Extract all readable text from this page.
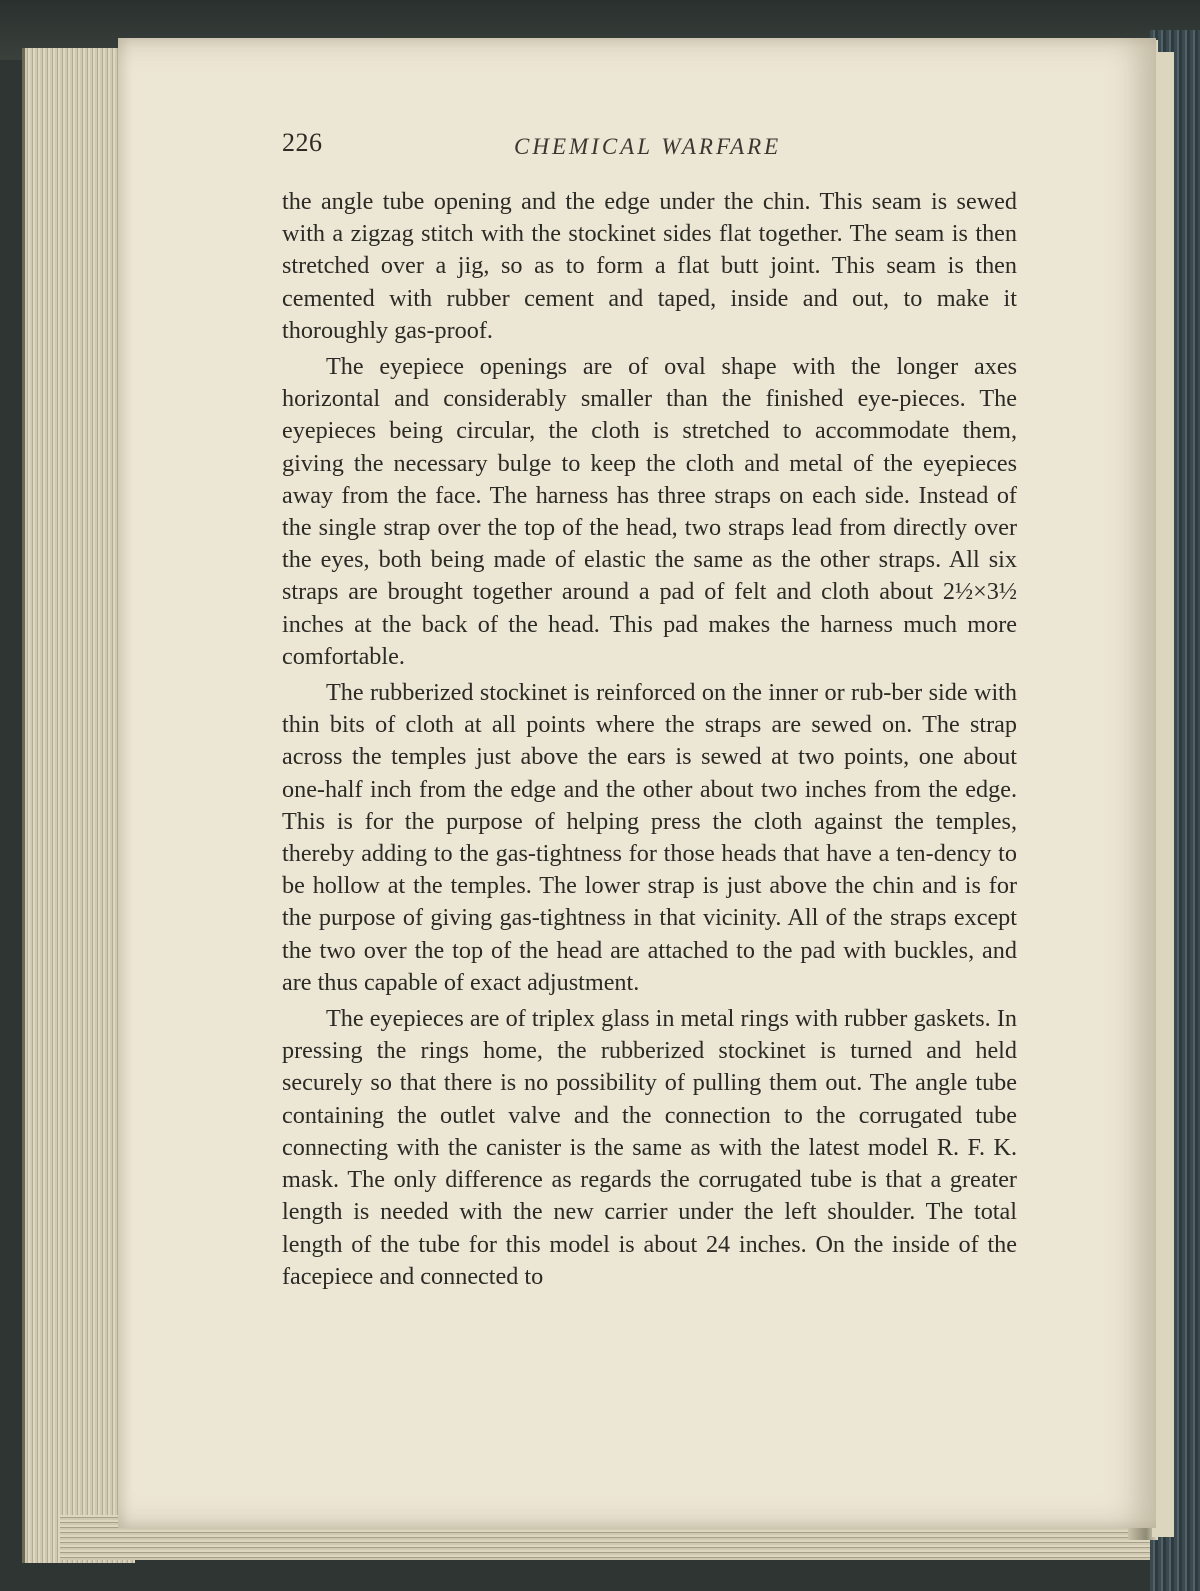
226	CHEMICAL WARFARE

the angle tube opening and the edge under the chin. This seam is sewed with a zigzag stitch with the stockinet sides flat together. The seam is then stretched over a jig, so as to form a flat butt joint. This seam is then cemented with rubber cement and taped, inside and out, to make it thoroughly gas-proof.

The eyepiece openings are of oval shape with the longer axes horizontal and considerably smaller than the finished eye-pieces. The eyepieces being circular, the cloth is stretched to accommodate them, giving the necessary bulge to keep the cloth and metal of the eyepieces away from the face. The harness has three straps on each side. Instead of the single strap over the top of the head, two straps lead from directly over the eyes, both being made of elastic the same as the other straps. All six straps are brought together around a pad of felt and cloth about 2½×3½ inches at the back of the head. This pad makes the harness much more comfortable.

The rubberized stockinet is reinforced on the inner or rub-ber side with thin bits of cloth at all points where the straps are sewed on. The strap across the temples just above the ears is sewed at two points, one about one-half inch from the edge and the other about two inches from the edge. This is for the purpose of helping press the cloth against the temples, thereby adding to the gas-tightness for those heads that have a ten-dency to be hollow at the temples. The lower strap is just above the chin and is for the purpose of giving gas-tightness in that vicinity. All of the straps except the two over the top of the head are attached to the pad with buckles, and are thus capable of exact adjustment.

The eyepieces are of triplex glass in metal rings with rubber gaskets. In pressing the rings home, the rubberized stockinet is turned and held securely so that there is no possibility of pulling them out. The angle tube containing the outlet valve and the connection to the corrugated tube connecting with the canister is the same as with the latest model R. F. K. mask. The only difference as regards the corrugated tube is that a greater length is needed with the new carrier under the left shoulder. The total length of the tube for this model is about 24 inches. On the inside of the facepiece and connected to
